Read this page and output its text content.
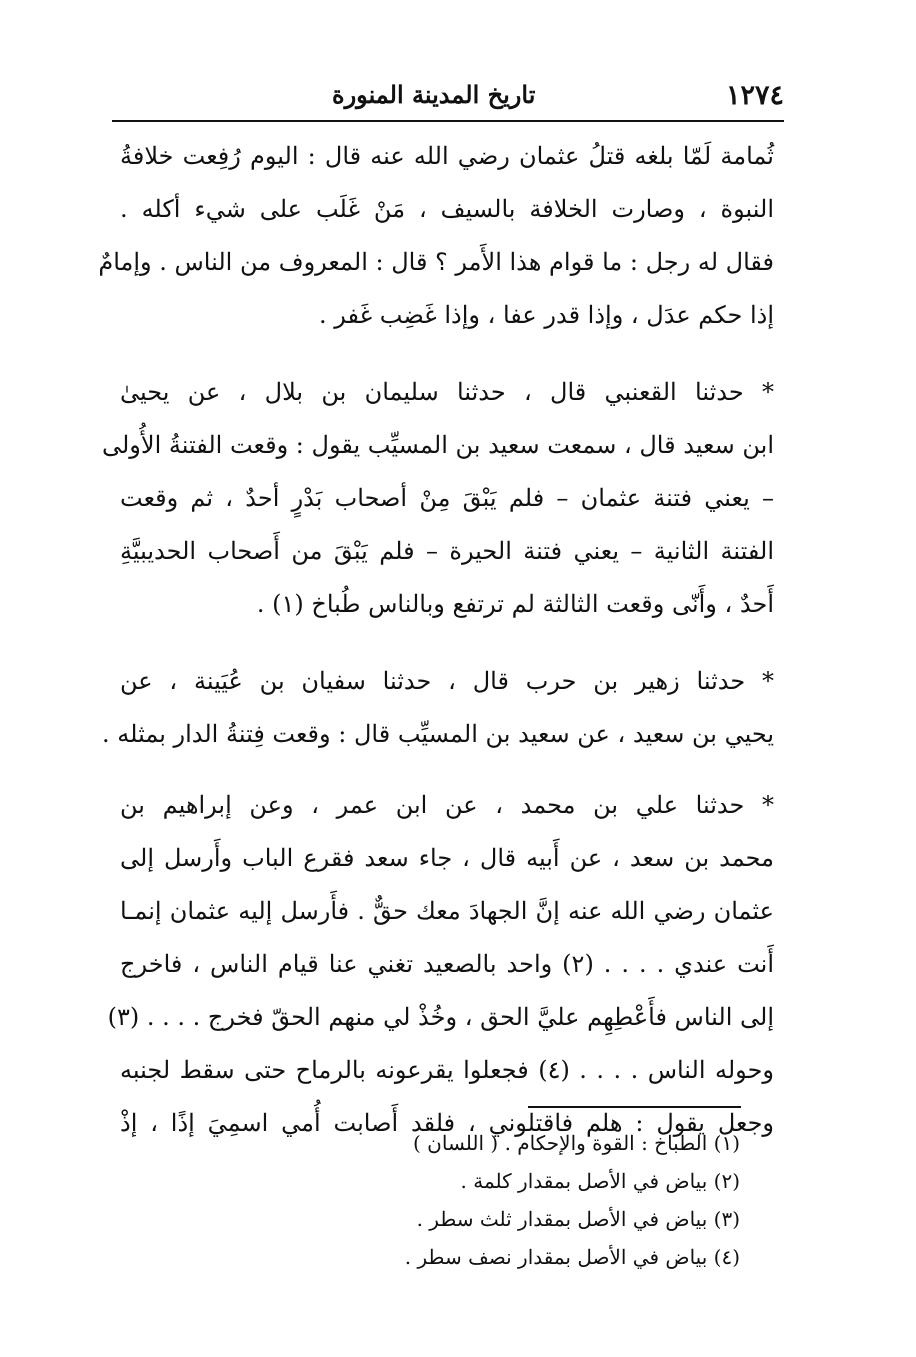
١٢٧٤
تاريخ المدينة المنورة
ثُمامة لَمّا بلغه قتلُ عثمان رضي الله عنه قال : اليوم رُفِعت خلافةُ
النبوة ، وصارت الخلافة بالسيف ، مَنْ غَلَب على شيء أكله .
فقال له رجل : ما قوام هذا الأَمر ؟ قال : المعروف من الناس . وإمامٌ
إذا حكم عدَل ، وإذا قدر عفا ، وإذا غَضِب غَفر .
* حدثنا القعنبي قال ، حدثنا سليمان بن بلال ، عن يحيىٰ
ابن سعيد قال ، سمعت سعيد بن المسيِّب يقول : وقعت الفتنةُ الأُولى
– يعني فتنة عثمان – فلم يَبْقَ مِنْ أصحاب بَدْرٍ أحدٌ ، ثم وقعت
الفتنة الثانية – يعني فتنة الحيرة – فلم يَبْقَ من أَصحاب الحديبيَّةِ
أَحدٌ ، وأَنّى وقعت الثالثة لم ترتفع وبالناس طُباخ (١) .
* حدثنا زهير بن حرب قال ، حدثنا سفيان بن عُيَينة ، عن
يحيي بن سعيد ، عن سعيد بن المسيِّب قال : وقعت فِتنةُ الدار بمثله .
* حدثنا علي بن محمد ، عن ابن عمر ، وعن إبراهيم بن
محمد بن سعد ، عن أَبيه قال ، جاء سعد فقرع الباب وأَرسل إلى
عثمان رضي الله عنه إنَّ الجهادَ معك حقٌّ . فأَرسل إليه عثمان إنمـا
أَنت عندي . . . . (٢) واحد بالصعيد تغني عنا قيام الناس ، فاخرج
إلى الناس فأَعْطِهِم عليَّ الحق ، وخُذْ لي منهم الحقّ فخرج . . . . (٣)
وحوله الناس . . . . (٤) فجعلوا يقرعونه بالرماح حتى سقط لجنبه
وجعل يقول : هلم فاقتلوني ، فلقد أَصابت أُمي اسمِيَ إذًا ، إذْ
(١) الطباخ : القوة والإحكام . ( اللسان )
(٢) بياض في الأصل بمقدار كلمة .
(٣) بياض في الأصل بمقدار ثلث سطر .
(٤) بياض في الأصل بمقدار نصف سطر .
